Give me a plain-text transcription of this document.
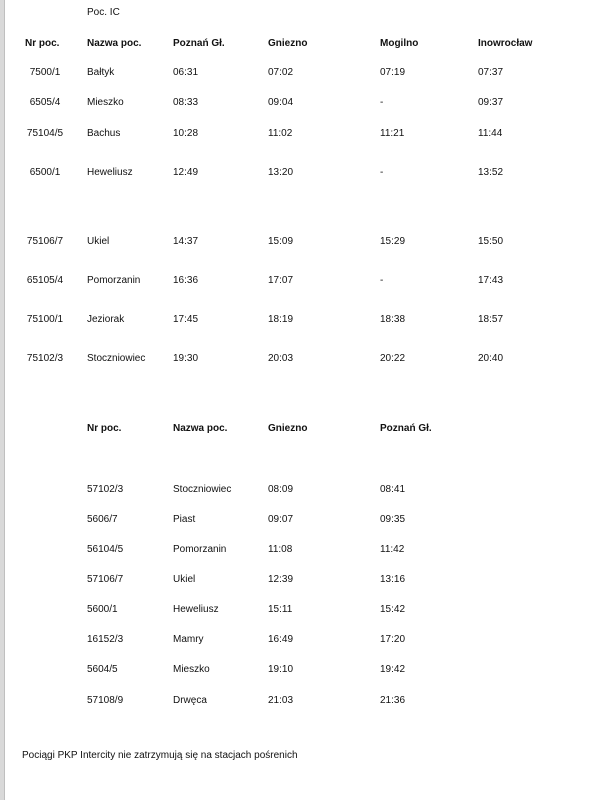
Poc. IC
Nr poc.	Nazwa poc.	Poznań Gł.	Gniezno	Mogilno	Inowrocław
7500/1	Bałtyk	06:31	07:02	07:19	07:37
6505/4	Mieszko	08:33	09:04	-	09:37
75104/5 Bachus	10:28	11:02	11:21	11:44
6500/1	Heweliusz	12:49	13:20	-	13:52
75106/7 Ukiel	14:37	15:09	15:29	15:50
65105/4 Pomorzanin	16:36	17:07	-	17:43
75100/1 Jeziorak	17:45	18:19	18:38	18:57
75102/3 Stoczniowiec	19:30	20:03	20:22	20:40
Nr poc.	Nazwa poc.	Gniezno	Poznań Gł.
57102/3	Stoczniowiec	08:09	08:41
5606/7	Piast	09:07	09:35
56104/5	Pomorzanin	11:08	11:42
57106/7	Ukiel	12:39	13:16
5600/1	Heweliusz	15:11	15:42
16152/3	Mamry	16:49	17:20
5604/5	Mieszko	19:10	19:42
57108/9	Drwęca	21:03	21:36
Pociągi PKP Intercity nie zatrzymują się na stacjach pośrenich
